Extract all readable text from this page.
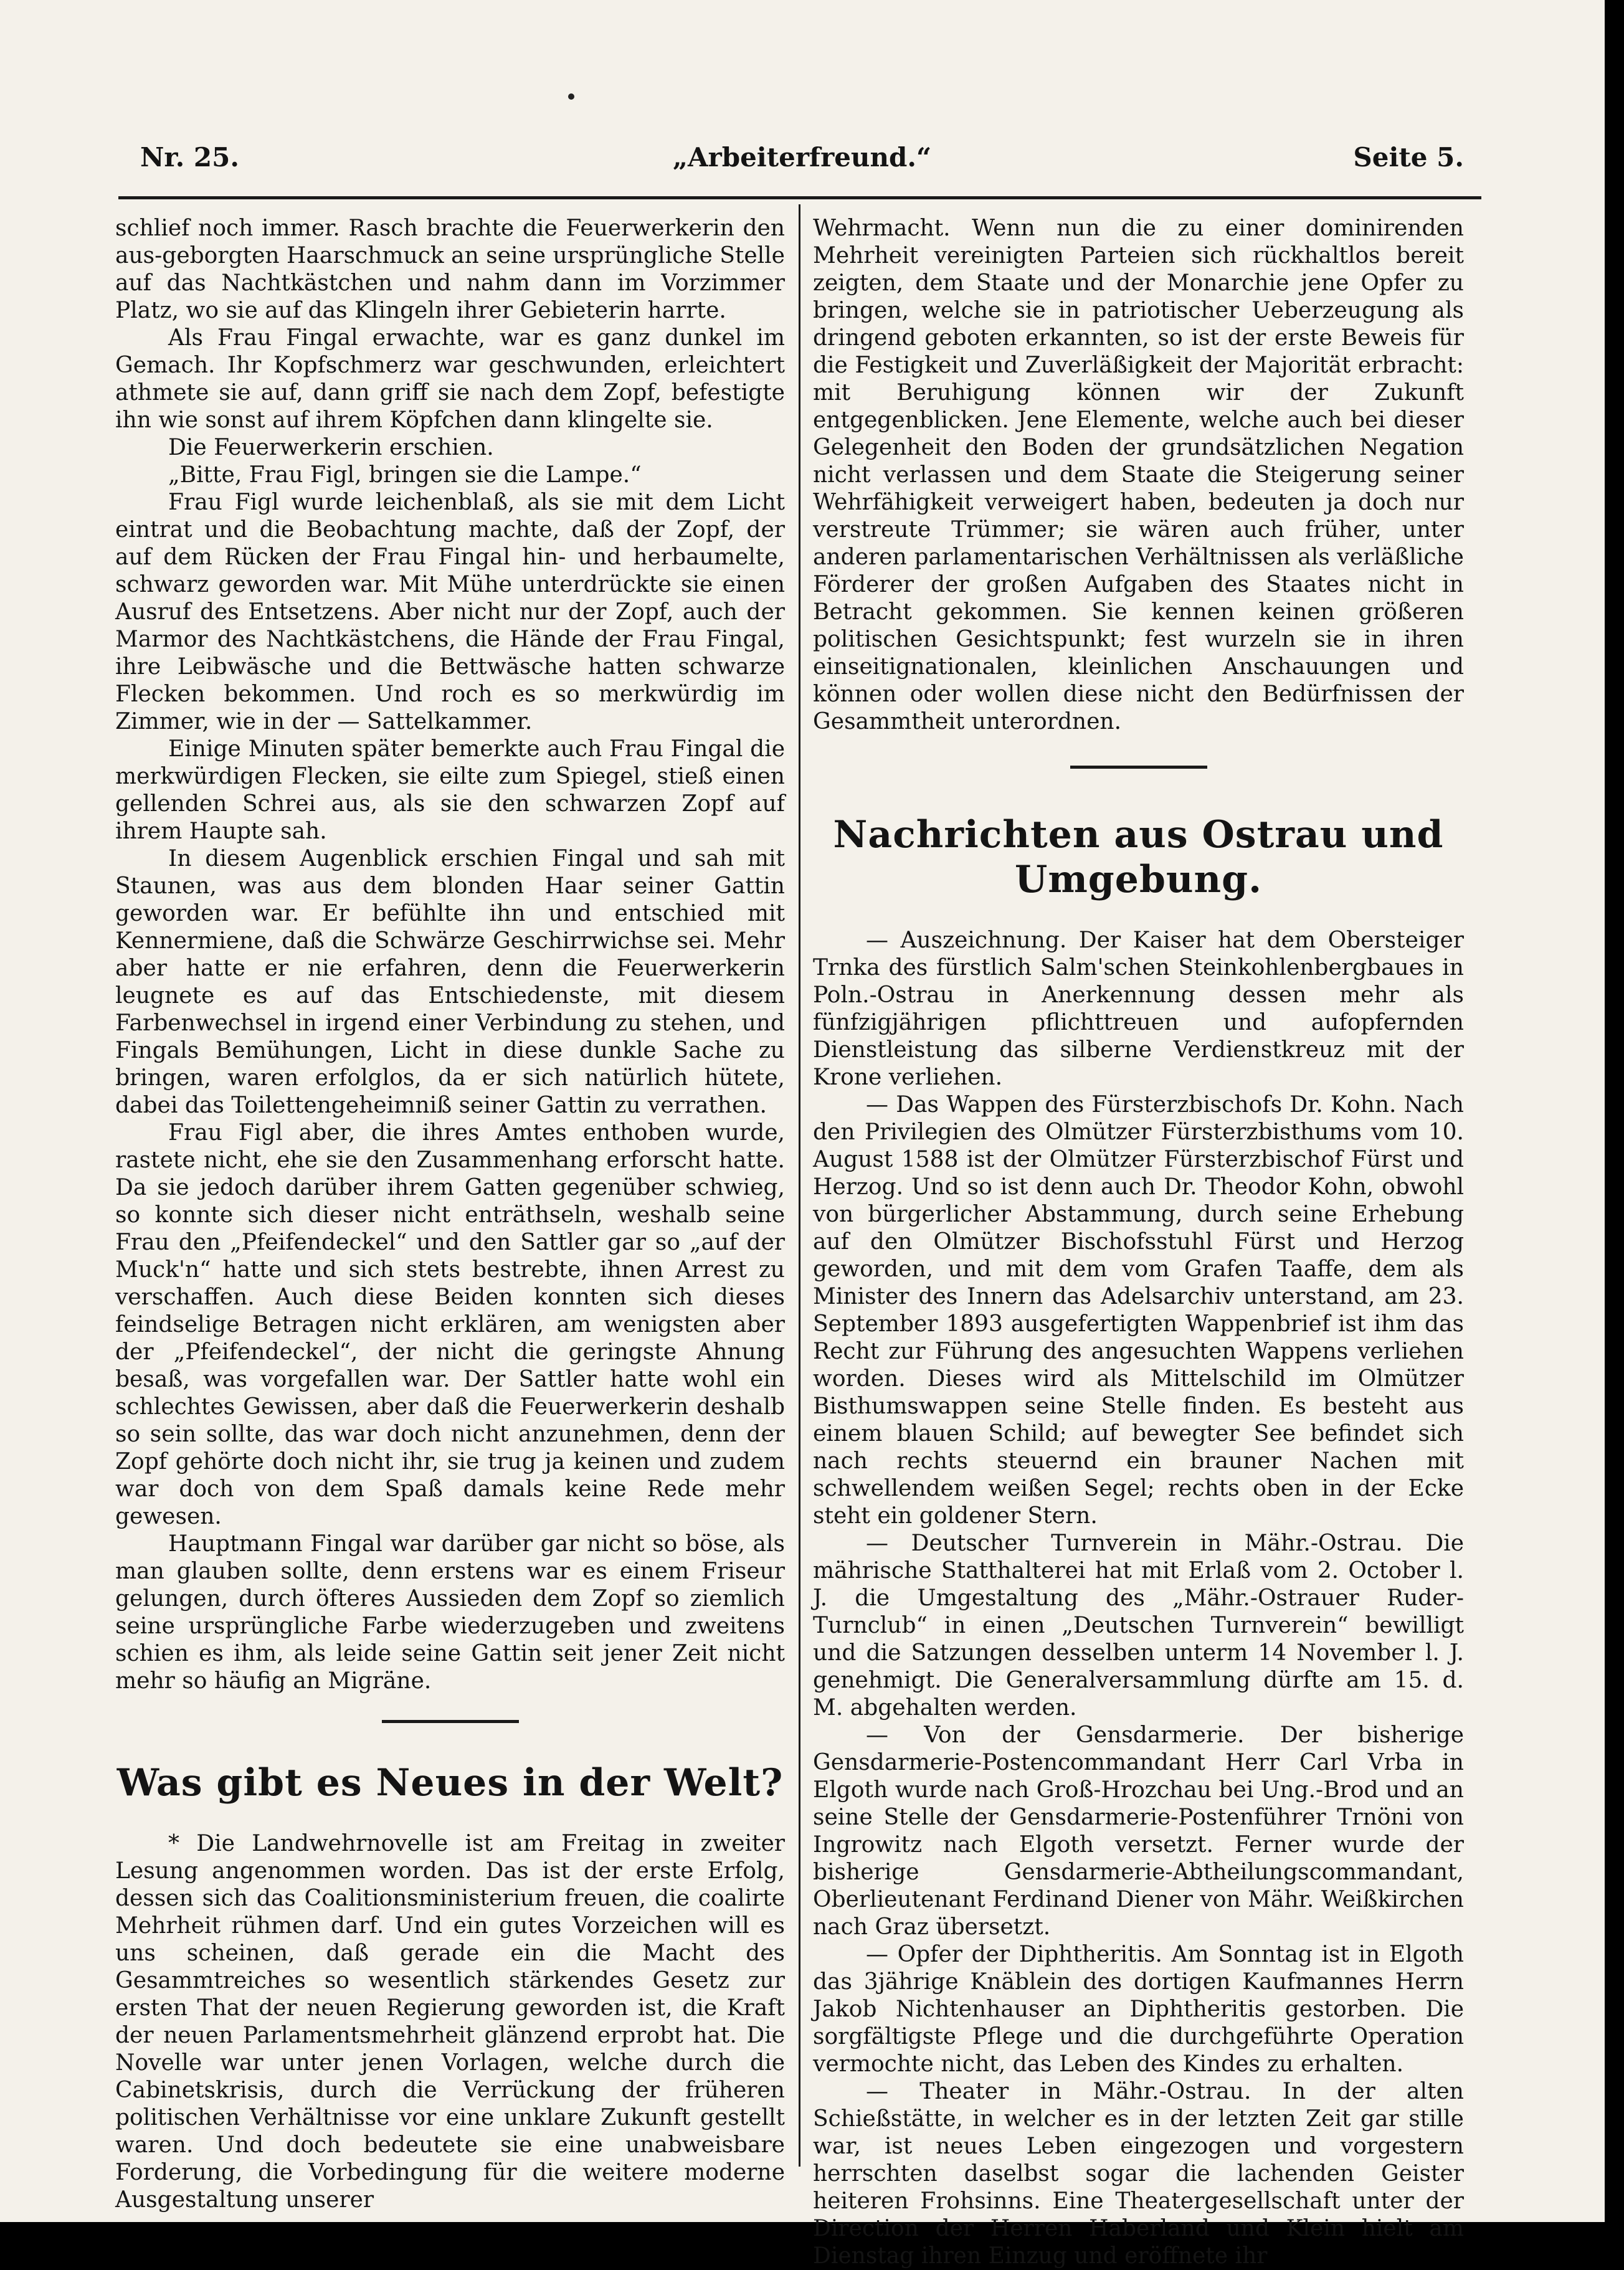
Nr. 25.	„Arbeiterfreund.“	Seite 5.

schlief noch immer. Rasch brachte die Feuerwerkerin den aus-geborgten Haarschmuck an seine ursprüngliche Stelle auf das Nachtkästchen und nahm dann im Vorzimmer Platz, wo sie auf das Klingeln ihrer Gebieterin harrte.

Als Frau Fingal erwachte, war es ganz dunkel im Gemach. Ihr Kopfschmerz war geschwunden, erleichtert athmete sie auf, dann griff sie nach dem Zopf, befestigte ihn wie sonst auf ihrem Köpfchen dann klingelte sie.

Die Feuerwerkerin erschien.

„Bitte, Frau Figl, bringen sie die Lampe.“

Frau Figl wurde leichenblaß, als sie mit dem Licht eintrat und die Beobachtung machte, daß der Zopf, der auf dem Rücken der Frau Fingal hin- und herbaumelte, schwarz geworden war. Mit Mühe unterdrückte sie einen Ausruf des Entsetzens. Aber nicht nur der Zopf, auch der Marmor des Nachtkästchens, die Hände der Frau Fingal, ihre Leibwäsche und die Bettwäsche hatten schwarze Flecken bekommen. Und roch es so merkwürdig im Zimmer, wie in der — Sattelkammer.

Einige Minuten später bemerkte auch Frau Fingal die merkwürdigen Flecken, sie eilte zum Spiegel, stieß einen gellenden Schrei aus, als sie den schwarzen Zopf auf ihrem Haupte sah.

In diesem Augenblick erschien Fingal und sah mit Staunen, was aus dem blonden Haar seiner Gattin geworden war. Er befühlte ihn und entschied mit Kennermiene, daß die Schwärze Geschirrwichse sei. Mehr aber hatte er nie erfahren, denn die Feuerwerkerin leugnete es auf das Entschiedenste, mit diesem Farbenwechsel in irgend einer Verbindung zu stehen, und Fingals Bemühungen, Licht in diese dunkle Sache zu bringen, waren erfolglos, da er sich natürlich hütete, dabei das Toilettengeheimniß seiner Gattin zu verrathen.

Frau Figl aber, die ihres Amtes enthoben wurde, rastete nicht, ehe sie den Zusammenhang erforscht hatte. Da sie jedoch darüber ihrem Gatten gegenüber schwieg, so konnte sich dieser nicht enträthseln, weshalb seine Frau den „Pfeifendeckel“ und den Sattler gar so „auf der Muck'n“ hatte und sich stets bestrebte, ihnen Arrest zu verschaffen. Auch diese Beiden konnten sich dieses feindselige Betragen nicht erklären, am wenigsten aber der „Pfeifendeckel“, der nicht die geringste Ahnung besaß, was vorgefallen war. Der Sattler hatte wohl ein schlechtes Gewissen, aber daß die Feuerwerkerin deshalb so sein sollte, das war doch nicht anzunehmen, denn der Zopf gehörte doch nicht ihr, sie trug ja keinen und zudem war doch von dem Spaß damals keine Rede mehr gewesen.

Hauptmann Fingal war darüber gar nicht so böse, als man glauben sollte, denn erstens war es einem Friseur gelungen, durch öfteres Aussieden dem Zopf so ziemlich seine ursprüngliche Farbe wiederzugeben und zweitens schien es ihm, als leide seine Gattin seit jener Zeit nicht mehr so häufig an Migräne.

Was gibt es Neues in der Welt?

* Die Landwehrnovelle ist am Freitag in zweiter Lesung angenommen worden. Das ist der erste Erfolg, dessen sich das Coalitionsministerium freuen, die coalirte Mehrheit rühmen darf. Und ein gutes Vorzeichen will es uns scheinen, daß gerade ein die Macht des Gesammtreiches so wesentlich stärkendes Gesetz zur ersten That der neuen Regierung geworden ist, die Kraft der neuen Parlamentsmehrheit glänzend erprobt hat. Die Novelle war unter jenen Vorlagen, welche durch die Cabinetskrisis, durch die Verrückung der früheren politischen Verhältnisse vor eine unklare Zukunft gestellt waren. Und doch bedeutete sie eine unabweisbare Forderung, die Vorbedingung für die weitere moderne Ausgestaltung unserer

Wehrmacht. Wenn nun die zu einer dominirenden Mehrheit vereinigten Parteien sich rückhaltlos bereit zeigten, dem Staate und der Monarchie jene Opfer zu bringen, welche sie in patriotischer Ueberzeugung als dringend geboten erkannten, so ist der erste Beweis für die Festigkeit und Zuverläßigkeit der Majorität erbracht: mit Beruhigung können wir der Zukunft entgegenblicken. Jene Elemente, welche auch bei dieser Gelegenheit den Boden der grundsätzlichen Negation nicht verlassen und dem Staate die Steigerung seiner Wehrfähigkeit verweigert haben, bedeuten ja doch nur verstreute Trümmer; sie wären auch früher, unter anderen parlamentarischen Verhältnissen als verläßliche Förderer der großen Aufgaben des Staates nicht in Betracht gekommen. Sie kennen keinen größeren politischen Gesichtspunkt; fest wurzeln sie in ihren einseitignationalen, kleinlichen Anschauungen und können oder wollen diese nicht den Bedürfnissen der Gesammtheit unterordnen.

Nachrichten aus Ostrau und Umgebung.

— Auszeichnung. Der Kaiser hat dem Obersteiger Trnka des fürstlich Salm'schen Steinkohlenbergbaues in Poln.-Ostrau in Anerkennung dessen mehr als fünfzigjährigen pflichttreuen und aufopfernden Dienstleistung das silberne Verdienstkreuz mit der Krone verliehen.

— Das Wappen des Fürsterzbischofs Dr. Kohn. Nach den Privilegien des Olmützer Fürsterzbisthums vom 10. August 1588 ist der Olmützer Fürsterzbischof Fürst und Herzog. Und so ist denn auch Dr. Theodor Kohn, obwohl von bürgerlicher Abstammung, durch seine Erhebung auf den Olmützer Bischofsstuhl Fürst und Herzog geworden, und mit dem vom Grafen Taaffe, dem als Minister des Innern das Adelsarchiv unterstand, am 23. September 1893 ausgefertigten Wappenbrief ist ihm das Recht zur Führung des angesuchten Wappens verliehen worden. Dieses wird als Mittelschild im Olmützer Bisthumswappen seine Stelle finden. Es besteht aus einem blauen Schild; auf bewegter See befindet sich nach rechts steuernd ein brauner Nachen mit schwellendem weißen Segel; rechts oben in der Ecke steht ein goldener Stern.

— Deutscher Turnverein in Mähr.-Ostrau. Die mährische Statthalterei hat mit Erlaß vom 2. October l. J. die Umgestaltung des „Mähr.-Ostrauer Ruder-Turnclub“ in einen „Deutschen Turnverein“ bewilligt und die Satzungen desselben unterm 14 November l. J. genehmigt. Die Generalversammlung dürfte am 15. d. M. abgehalten werden.

— Von der Gensdarmerie. Der bisherige Gensdarmerie-Postencommandant Herr Carl Vrba in Elgoth wurde nach Groß-Hrozchau bei Ung.-Brod und an seine Stelle der Gensdarmerie-Postenführer Trnöni von Ingrowitz nach Elgoth versetzt. Ferner wurde der bisherige Gensdarmerie-Abtheilungscommandant, Oberlieutenant Ferdinand Diener von Mähr. Weißkirchen nach Graz übersetzt.

— Opfer der Diphtheritis. Am Sonntag ist in Elgoth das 3jährige Knäblein des dortigen Kaufmannes Herrn Jakob Nichtenhauser an Diphtheritis gestorben. Die sorgfältigste Pflege und die durchgeführte Operation vermochte nicht, das Leben des Kindes zu erhalten.

— Theater in Mähr.-Ostrau. In der alten Schießstätte, in welcher es in der letzten Zeit gar stille war, ist neues Leben eingezogen und vorgestern herrschten daselbst sogar die lachenden Geister heiteren Frohsinns. Eine Theatergesellschaft unter der Direction der Herren Haberland und Klein hielt am Dienstag ihren Einzug und eröffnete ihr
